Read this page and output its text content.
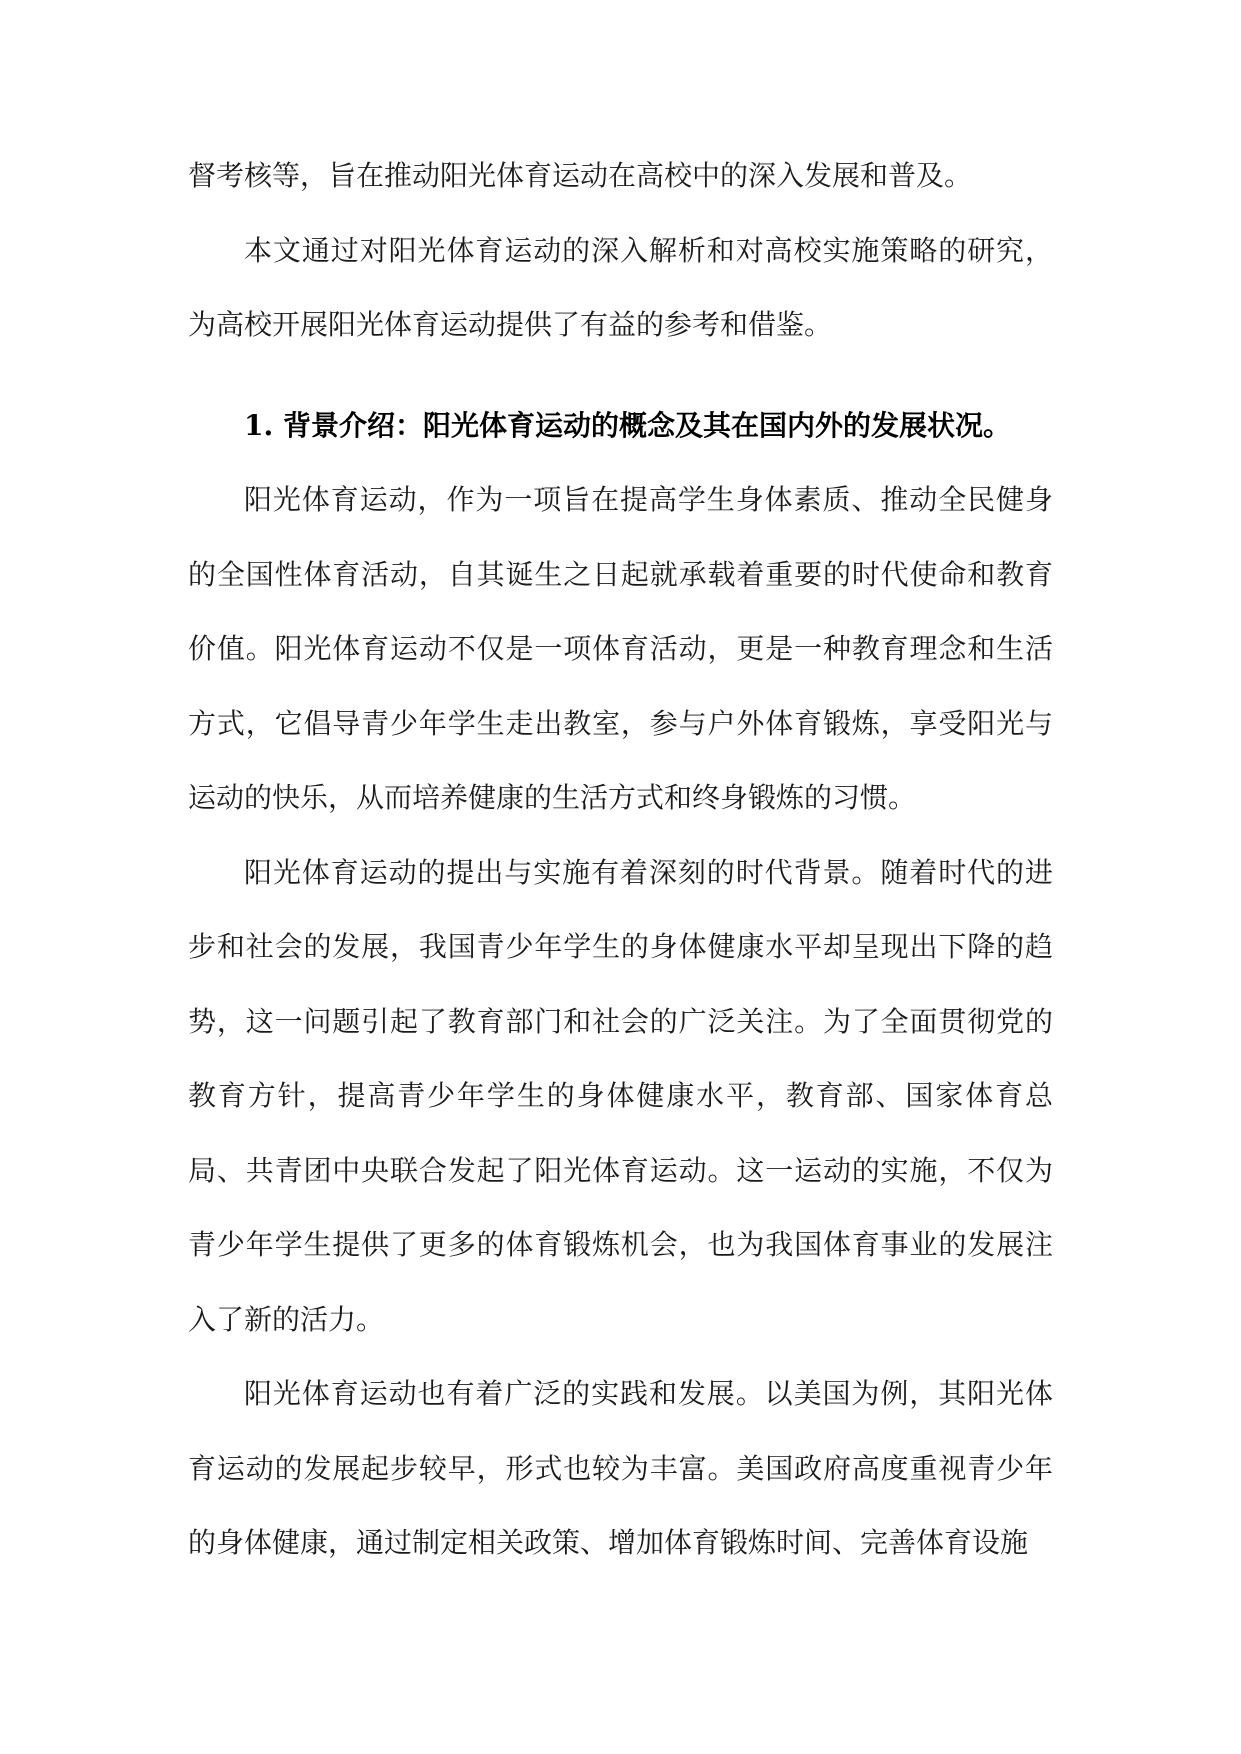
督考核等，旨在推动阳光体育运动在高校中的深入发展和普及。

本文通过对阳光体育运动的深入解析和对高校实施策略的研究，为高校开展阳光体育运动提供了有益的参考和借鉴。

1. 背景介绍：阳光体育运动的概念及其在国内外的发展状况。

阳光体育运动，作为一项旨在提高学生身体素质、推动全民健身的全国性体育活动，自其诞生之日起就承载着重要的时代使命和教育价值。阳光体育运动不仅是一项体育活动，更是一种教育理念和生活方式，它倡导青少年学生走出教室，参与户外体育锻炼，享受阳光与运动的快乐，从而培养健康的生活方式和终身锻炼的习惯。

阳光体育运动的提出与实施有着深刻的时代背景。随着时代的进步和社会的发展，我国青少年学生的身体健康水平却呈现出下降的趋势，这一问题引起了教育部门和社会的广泛关注。为了全面贯彻党的教育方针，提高青少年学生的身体健康水平，教育部、国家体育总局、共青团中央联合发起了阳光体育运动。这一运动的实施，不仅为青少年学生提供了更多的体育锻炼机会，也为我国体育事业的发展注入了新的活力。

阳光体育运动也有着广泛的实践和发展。以美国为例，其阳光体育运动的发展起步较早，形式也较为丰富。美国政府高度重视青少年的身体健康，通过制定相关政策、增加体育锻炼时间、完善体育设施
